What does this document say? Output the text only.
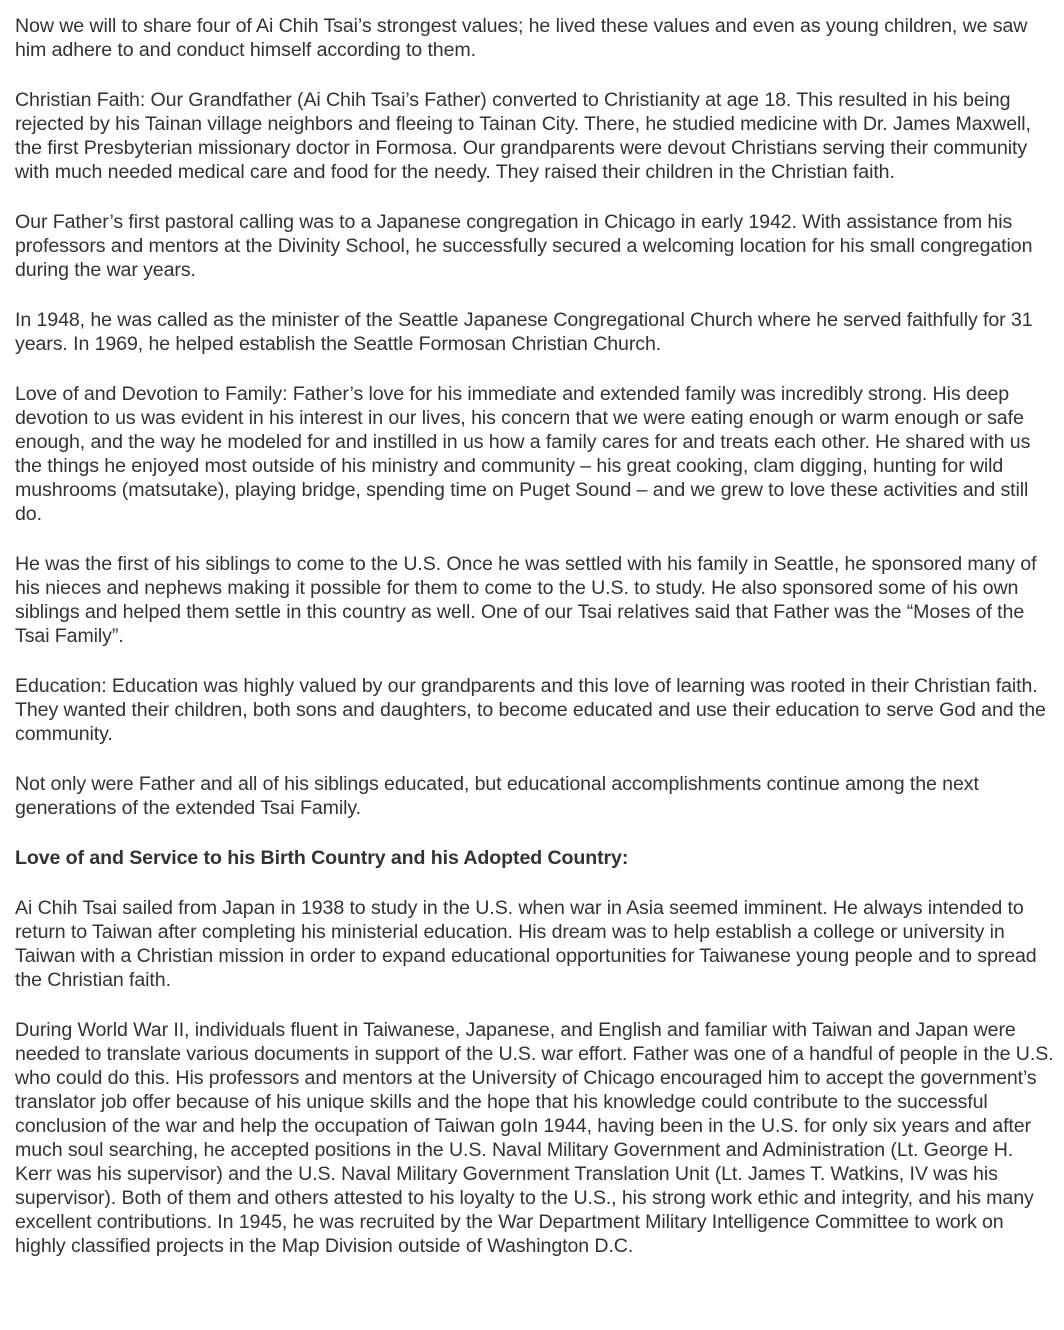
Now we will to share four of Ai Chih Tsai’s strongest values; he lived these values and even as young children, we saw him adhere to and conduct himself according to them.

Christian Faith: Our Grandfather (Ai Chih Tsai’s Father) converted to Christianity at age 18. This resulted in his being rejected by his Tainan village neighbors and fleeing to Tainan City. There, he studied medicine with Dr. James Maxwell, the first Presbyterian missionary doctor in Formosa. Our grandparents were devout Christians serving their community with much needed medical care and food for the needy. They raised their children in the Christian faith.

Our Father’s first pastoral calling was to a Japanese congregation in Chicago in early 1942. With assistance from his professors and mentors at the Divinity School, he successfully secured a welcoming location for his small congregation during the war years.

In 1948, he was called as the minister of the Seattle Japanese Congregational Church where he served faithfully for 31 years. In 1969, he helped establish the Seattle Formosan Christian Church.

Love of and Devotion to Family: Father’s love for his immediate and extended family was incredibly strong. His deep devotion to us was evident in his interest in our lives, his concern that we were eating enough or warm enough or safe enough, and the way he modeled for and instilled in us how a family cares for and treats each other. He shared with us the things he enjoyed most outside of his ministry and community – his great cooking, clam digging, hunting for wild mushrooms (matsutake), playing bridge, spending time on Puget Sound – and we grew to love these activities and still do.

He was the first of his siblings to come to the U.S. Once he was settled with his family in Seattle, he sponsored many of his nieces and nephews making it possible for them to come to the U.S. to study. He also sponsored some of his own siblings and helped them settle in this country as well. One of our Tsai relatives said that Father was the “Moses of the Tsai Family”.

Education: Education was highly valued by our grandparents and this love of learning was rooted in their Christian faith. They wanted their children, both sons and daughters, to become educated and use their education to serve God and the community.

Not only were Father and all of his siblings educated, but educational accomplishments continue among the next generations of the extended Tsai Family.

Love of and Service to his Birth Country and his Adopted Country:

Ai Chih Tsai sailed from Japan in 1938 to study in the U.S. when war in Asia seemed imminent. He always intended to return to Taiwan after completing his ministerial education. His dream was to help establish a college or university in Taiwan with a Christian mission in order to expand educational opportunities for Taiwanese young people and to spread the Christian faith.

During World War II, individuals fluent in Taiwanese, Japanese, and English and familiar with Taiwan and Japan were needed to translate various documents in support of the U.S. war effort. Father was one of a handful of people in the U.S. who could do this. His professors and mentors at the University of Chicago encouraged him to accept the government’s translator job offer because of his unique skills and the hope that his knowledge could contribute to the successful conclusion of the war and help the occupation of Taiwan goIn 1944, having been in the U.S. for only six years and after much soul searching, he accepted positions in the U.S. Naval Military Government and Administration (Lt. George H. Kerr was his supervisor) and the U.S. Naval Military Government Translation Unit (Lt. James T. Watkins, IV was his supervisor). Both of them and others attested to his loyalty to the U.S., his strong work ethic and integrity, and his many excellent contributions. In 1945, he was recruited by the War Department Military Intelligence Committee to work on highly classified projects in the Map Division outside of Washington D.C.
